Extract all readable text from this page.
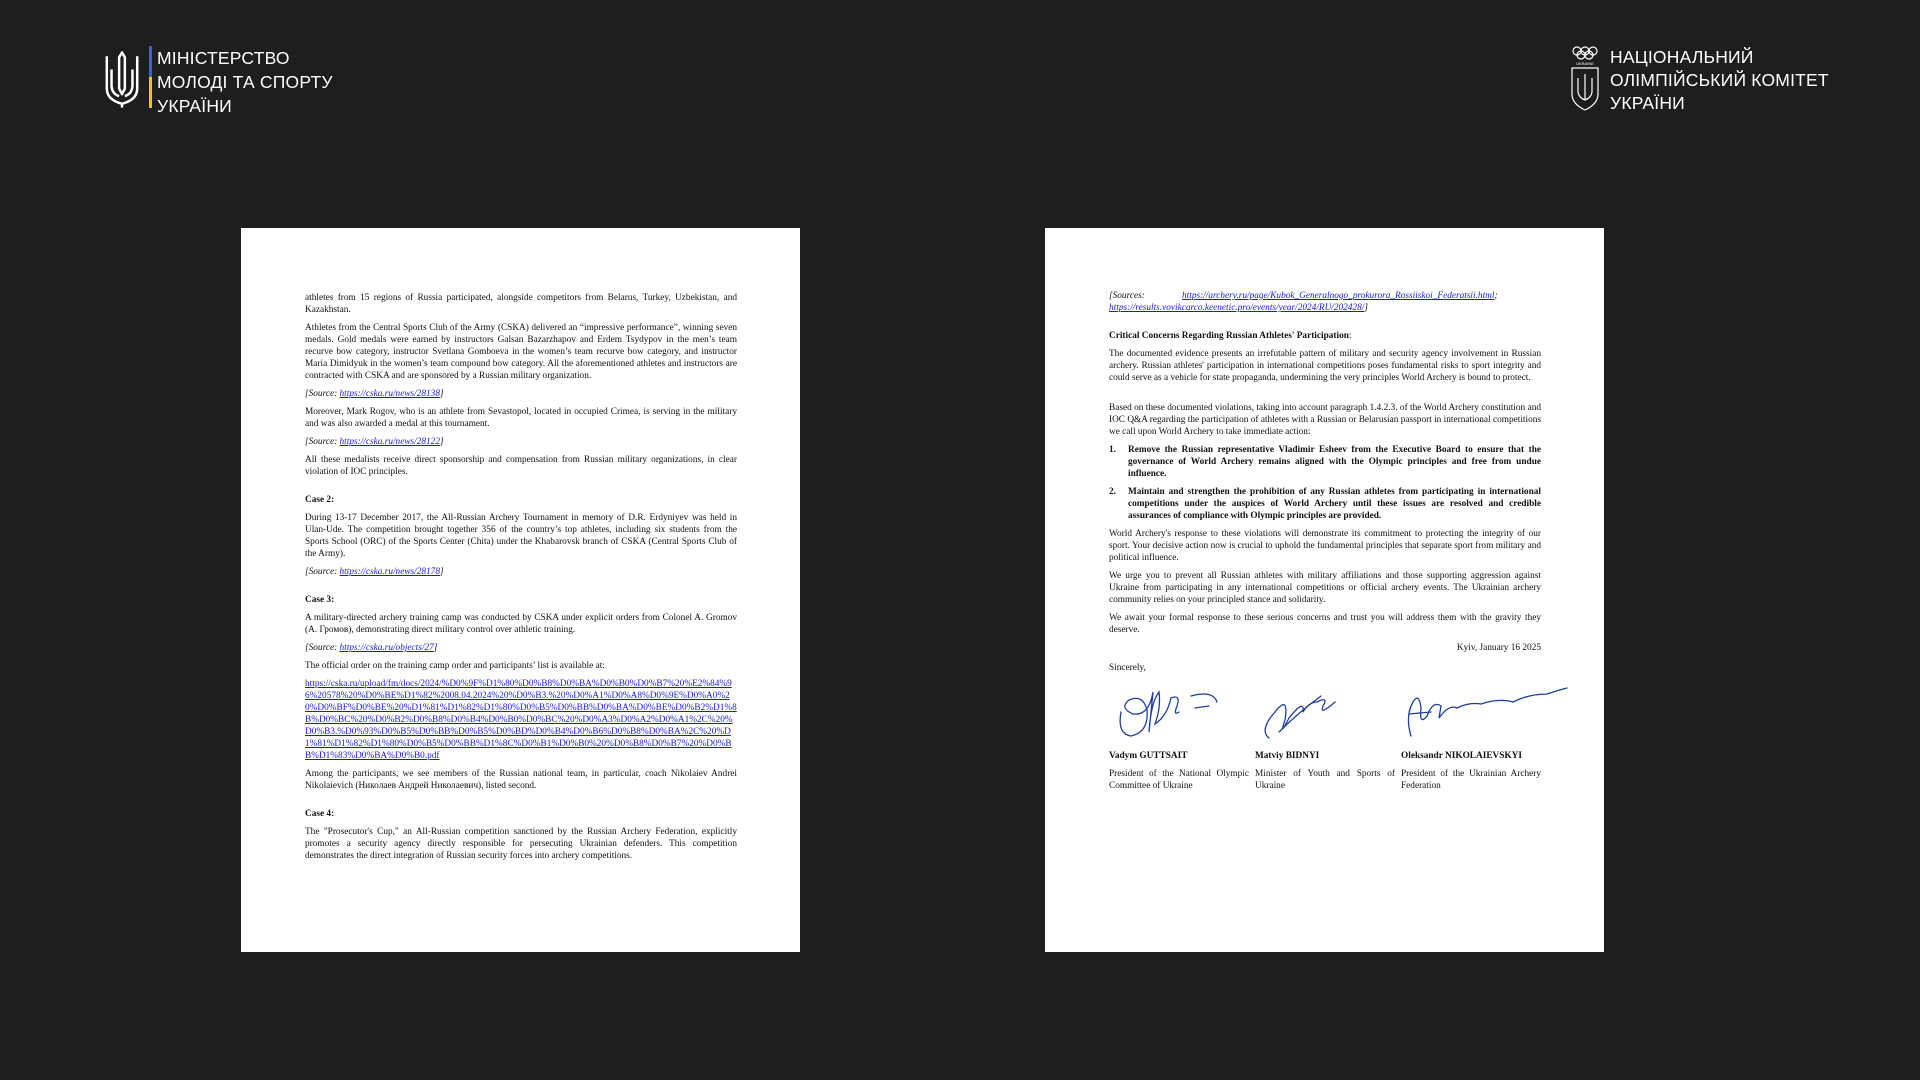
МІНІСТЕРСТВО
МОЛОДІ ТА СПОРТУ
УКРАЇНИ
UKRAINE НАЦІОНАЛЬНИЙ
ОЛІМПІЙСЬКИЙ КОМІТЕТ
УКРАЇНИ

athletes from 15 regions of Russia participated, alongside competitors from Belarus, Turkey, Uzbekistan, and Kazakhstan.

Athletes from the Central Sports Club of the Army (CSKA) delivered an “impressive performance”, winning seven medals. Gold medals were earned by instructors Galsan Bazarzhapov and Erdem Tsydypov in the men’s team recurve bow category, instructor Svetlana Gomboeva in the women’s team recurve bow category, and instructor Maria Dimidyuk in the women’s team compound bow category. All the aforementioned athletes and instructors are contracted with CSKA and are sponsored by a Russian military organization.

[Source: https://cska.ru/news/28138]

Moreover, Mark Rogov, who is an athlete from Sevastopol, located in occupied Crimea, is serving in the military and was also awarded a medal at this tournament.

[Source: https://cska.ru/news/28122]

All these medalists receive direct sponsorship and compensation from Russian military organizations, in clear violation of IOC principles.

Case 2:

During 13-17 December 2017, the All-Russian Archery Tournament in memory of D.R. Erdyniyev was held in Ulan-Ude. The competition brought together 356 of the country’s top athletes, including six students from the Sports School (ORC) of the Sports Center (Chita) under the Khabarovsk branch of CSKA (Central Sports Club of the Army).

[Source: https://cska.ru/news/28178]

Case 3:

A military-directed archery training camp was conducted by CSKA under explicit orders from Colonel A. Gromov (А. Громов), demonstrating direct military control over athletic training.

[Source: https://cska.ru/objects/27]

The official order on the training camp order and participants’ list is available at:

https://cska.ru/upload/fm/docs/2024/%D0%9F%D1%80%D0%B8%D0%BA%D0%B0%D0%B7%20%E2%84%96%20578%20%D0%BE%D1%82%2008.04.2024%20%D0%B3.%20%D0%A1%D0%A8%D0%9E%D0%A0%20%D0%BF%D0%BE%20%D1%81%D1%82%D1%80%D0%B5%D0%BB%D0%BA%D0%BE%D0%B2%D1%8B%D0%BC%20%D0%B2%D0%B8%D0%B4%D0%B0%D0%BC%20%D0%A3%D0%A2%D0%A1%2C%20%D0%B3.%D0%93%D0%B5%D0%BB%D0%B5%D0%BD%D0%B4%D0%B6%D0%B8%D0%BA%2C%20%D1%81%D1%82%D1%80%D0%B5%D0%BB%D1%8C%D0%B1%D0%B0%20%D0%B8%D0%B7%20%D0%BB%D1%83%D0%BA%D0%B0.pdf

Among the participants, we see members of the Russian national team, in particular, coach Nikolaiev Andrei Nikolaievich (Николаев Андрей Николаевич), listed second.

Case 4:

The "Prosecutor's Cup," an All-Russian competition sanctioned by the Russian Archery Federation, explicitly promotes a security agency directly responsible for persecuting Ukrainian defenders. This competition demonstrates the direct integration of Russian security forces into archery competitions.

[Sources:	https://archery.ru/page/Kubok_Generalnogo_prokurora_Rossiiskoi_Federatsii.html;
https://results.vovikcarco.keenetic.pro/events/year/2024/RU/202428/]

Critical Concerns Regarding Russian Athletes' Participation:

The documented evidence presents an irrefutable pattern of military and security agency involvement in Russian archery. Russian athletes' participation in international competitions poses fundamental risks to sport integrity and could serve as a vehicle for state propaganda, undermining the very principles World Archery is bound to protect.

Based on these documented violations, taking into account paragraph 1.4.2.3. of the World Archery constitution and IOC Q&A regarding the participation of athletes with a Russian or Belarusian passport in international competitions we call upon World Archery to take immediate action:

1.	Remove the Russian representative Vladimir Esheev from the Executive Board to ensure that the governance of World Archery remains aligned with the Olympic principles and free from undue influence.
2.	Maintain and strengthen the prohibition of any Russian athletes from participating in international competitions under the auspices of World Archery until these issues are resolved and credible assurances of compliance with Olympic principles are provided.

World Archery's response to these violations will demonstrate its commitment to protecting the integrity of our sport. Your decisive action now is crucial to uphold the fundamental principles that separate sport from military and political influence.

We urge you to prevent all Russian athletes with military affiliations and those supporting aggression against Ukraine from participating in any international competitions or official archery events. The Ukrainian archery community relies on your principled stance and solidarity.

We await your formal response to these serious concerns and trust you will address them with the gravity they deserve.

Kyiv, January 16 2025

Sincerely,

Vadym GUTTSAIT
President of the National Olympic Committee of Ukraine
Matviy BIDNYI
Minister of Youth and Sports of Ukraine
Oleksandr NIKOLAIEVSKYI
President of the Ukrainian Archery Federation
